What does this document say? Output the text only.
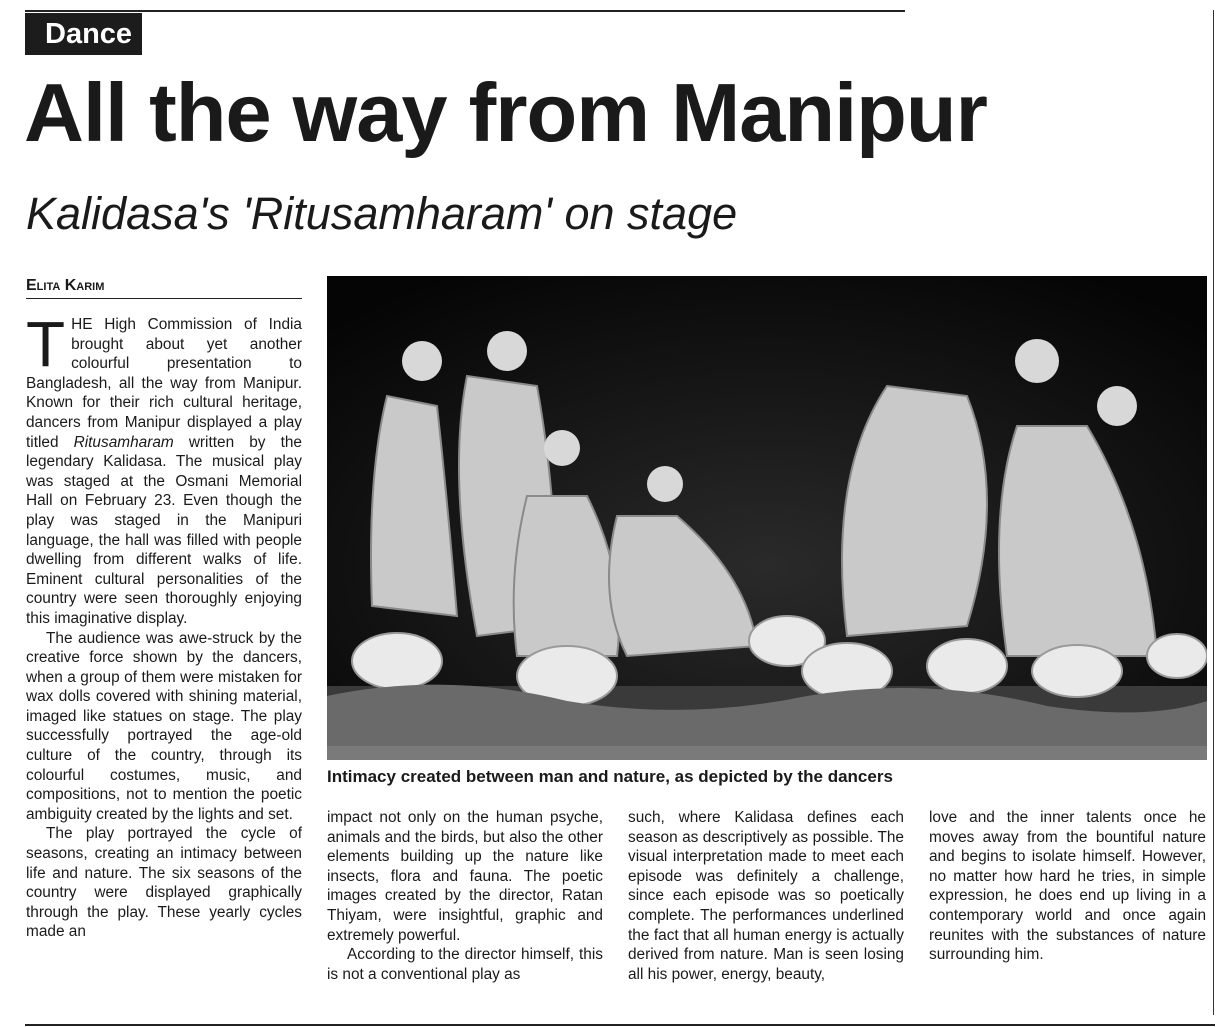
Dance
All the way from Manipur
Kalidasa's 'Ritusamharam' on stage
Elita Karim

THE High Commission of India brought about yet another colourful presentation to Bangladesh, all the way from Manipur. Known for their rich cultural heritage, dancers from Manipur displayed a play titled Ritusamharam written by the legendary Kalidasa. The musical play was staged at the Osmani Memorial Hall on February 23. Even though the play was staged in the Manipuri language, the hall was filled with people dwelling from different walks of life. Eminent cultural personalities of the country were seen thoroughly enjoying this imaginative display.

The audience was awe-struck by the creative force shown by the dancers, when a group of them were mistaken for wax dolls covered with shining material, imaged like statues on stage. The play successfully portrayed the age-old culture of the country, through its colourful costumes, music, and compositions, not to mention the poetic ambiguity created by the lights and set.

The play portrayed the cycle of seasons, creating an intimacy between life and nature. The six seasons of the country were displayed graphically through the play. These yearly cycles made an

Intimacy created between man and nature, as depicted by the dancers

impact not only on the human psyche, animals and the birds, but also the other elements building up the nature like insects, flora and fauna. The poetic images created by the director, Ratan Thiyam, were insightful, graphic and extremely powerful.

According to the director himself, this is not a conventional play as

such, where Kalidasa defines each season as descriptively as possible. The visual interpretation made to meet each episode was definitely a challenge, since each episode was so poetically complete. The performances underlined the fact that all human energy is actually derived from nature. Man is seen losing all his power, energy, beauty,

love and the inner talents once he moves away from the bountiful nature and begins to isolate himself. However, no matter how hard he tries, in simple expression, he does end up living in a contemporary world and once again reunites with the substances of nature surrounding him.
